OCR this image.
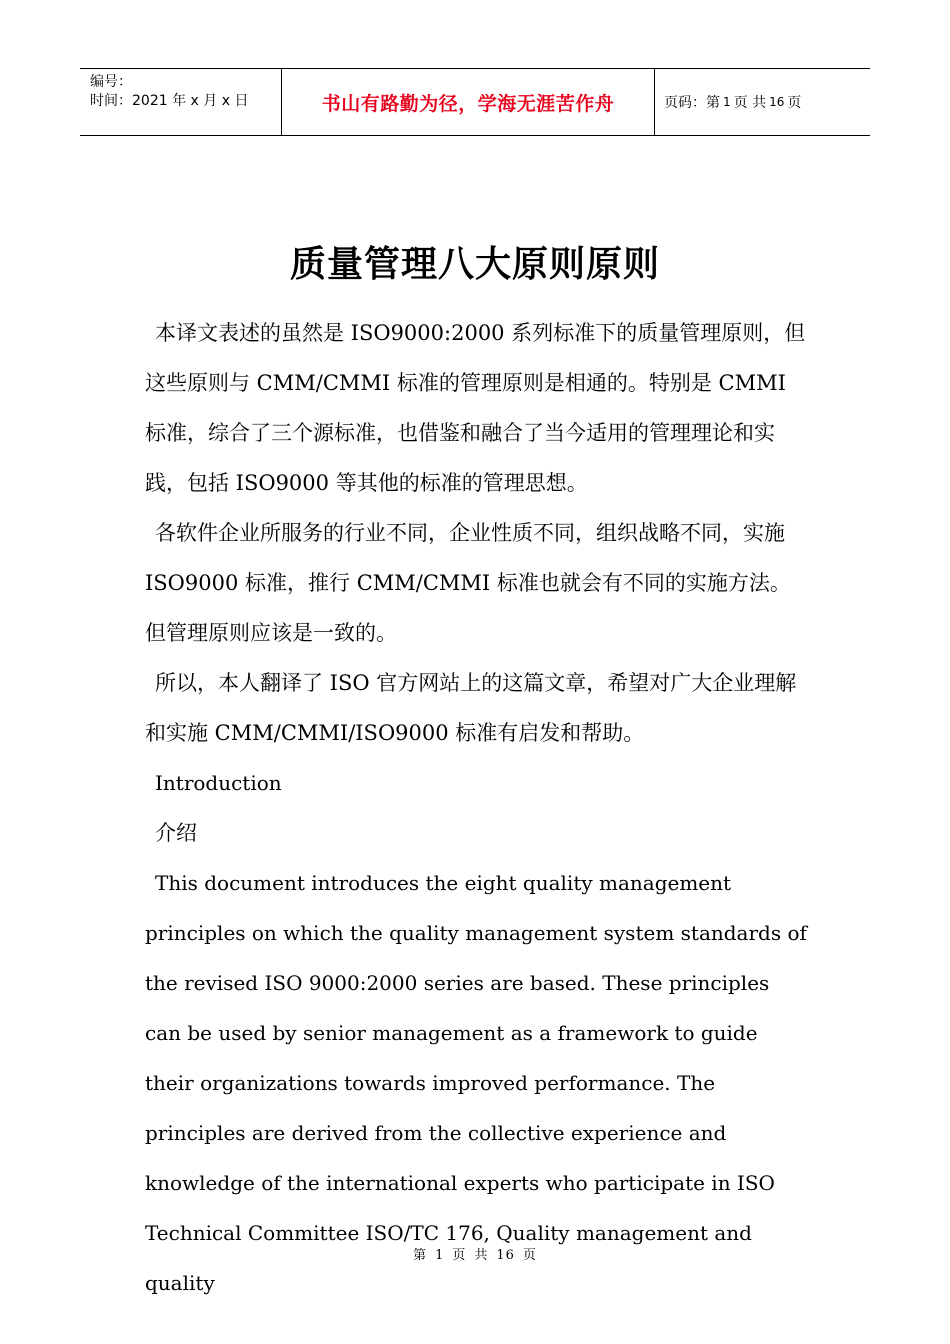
编号：
时间：2021 年 x 月 x 日	书山有路勤为径，学海无涯苦作舟	页码：第 1 页 共 16 页
质量管理八大原则原则

本译文表述的虽然是 ISO9000:2000 系列标准下的质量管理原则，但这些原则与 CMM/CMMI 标准的管理原则是相通的。特别是 CMMI 标准，综合了三个源标准，也借鉴和融合了当今适用的管理理论和实践，包括 ISO9000 等其他的标准的管理思想。

各软件企业所服务的行业不同，企业性质不同，组织战略不同，实施 ISO9000 标准，推行 CMM/CMMI 标准也就会有不同的实施方法。但管理原则应该是一致的。

所以，本人翻译了 ISO 官方网站上的这篇文章，希望对广大企业理解和实施 CMM/CMMI/ISO9000 标准有启发和帮助。

Introduction

介绍

This document introduces the eight quality management principles on which the quality management system standards of the revised ISO 9000:2000 series are based. These principles can be used by senior management as a framework to guide their organizations towards improved performance. The principles are derived from the collective experience and knowledge of the international experts who participate in ISO Technical Committee ISO/TC 176, Quality management and quality

第 1 页 共 16 页
